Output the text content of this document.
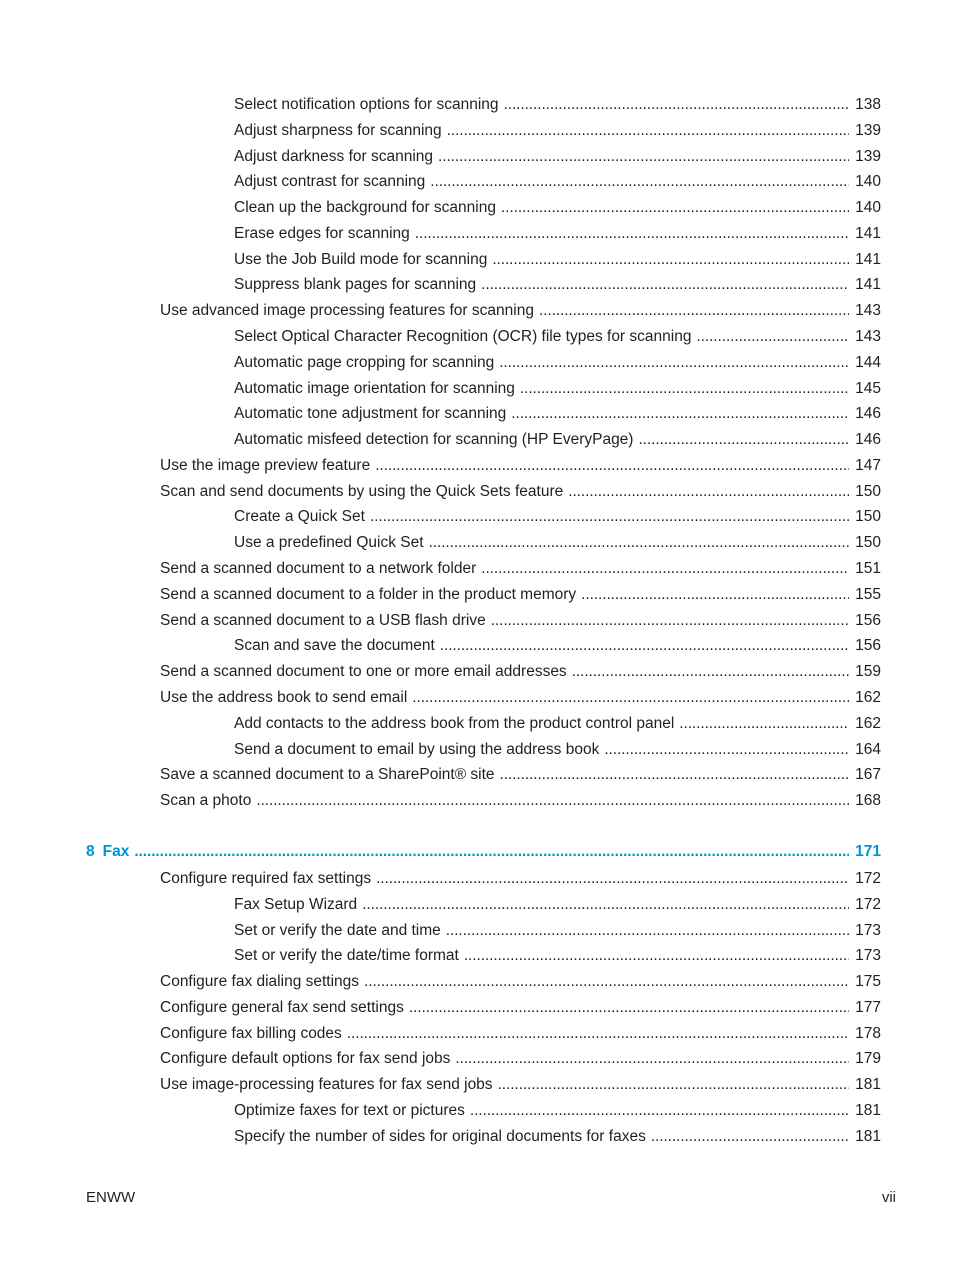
Select notification options for scanning . . .	138
Adjust sharpness for scanning . . .	139
Adjust darkness for scanning . . .	139
Adjust contrast for scanning . . .	140
Clean up the background for scanning . . .	140
Erase edges for scanning . . .	141
Use the Job Build mode for scanning . . .	141
Suppress blank pages for scanning . . .	141
Use advanced image processing features for scanning . . .	143
Select Optical Character Recognition (OCR) file types for scanning . . .	143
Automatic page cropping for scanning . . .	144
Automatic image orientation for scanning . . .	145
Automatic tone adjustment for scanning . . .	146
Automatic misfeed detection for scanning (HP EveryPage) . . .	146
Use the image preview feature . . .	147
Scan and send documents by using the Quick Sets feature . . .	150
Create a Quick Set . . .	150
Use a predefined Quick Set . . .	150
Send a scanned document to a network folder . . .	151
Send a scanned document to a folder in the product memory . . .	155
Send a scanned document to a USB flash drive . . .	156
Scan and save the document . . .	156
Send a scanned document to one or more email addresses . . .	159
Use the address book to send email . . .	162
Add contacts to the address book from the product control panel . . .	162
Send a document to email by using the address book . . .	164
Save a scanned document to a SharePoint® site . . .	167
Scan a photo . . .	168
8 Fax . . .	171
Configure required fax settings . . .	172
Fax Setup Wizard . . .	172
Set or verify the date and time . . .	173
Set or verify the date/time format . . .	173
Configure fax dialing settings . . .	175
Configure general fax send settings . . .	177
Configure fax billing codes . . .	178
Configure default options for fax send jobs . . .	179
Use image-processing features for fax send jobs . . .	181
Optimize faxes for text or pictures . . .	181
Specify the number of sides for original documents for faxes . . .	181
ENWW	vii
